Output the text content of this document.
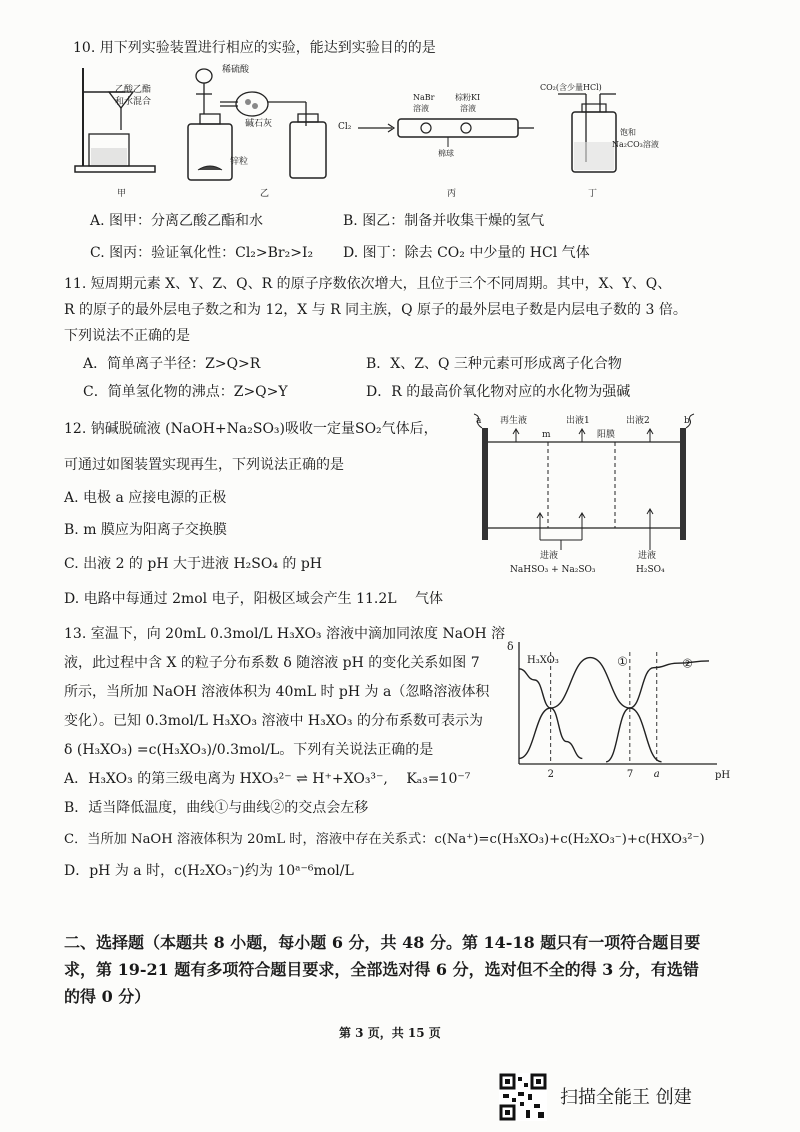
10. 用下列实验装置进行相应的实验，能达到实验目的的是
乙酸乙酯
和水混合
甲
稀硫酸
碱石灰
锌粒
乙
Cl₂
NaBr
溶液
棕粉KI
溶液
棉球
丙
CO₂(含少量HCl)
饱和
Na₂CO₃溶液
丁
A. 图甲：分离乙酸乙酯和水	B. 图乙：制备并收集干燥的氢气
C. 图丙：验证氧化性：Cl₂>Br₂>I₂ D. 图丁：除去 CO₂ 中少量的 HCl 气体
11. 短周期元素 X、Y、Z、Q、R 的原子序数依次增大，且位于三个不同周期。其中，X、Y、Q、
R 的原子的最外层电子数之和为 12，X 与 R 同主族，Q 原子的最外层电子数是内层电子数的 3 倍。
下列说法不正确的是
A．简单离子半径：Z>Q>R	B．X、Z、Q 三种元素可形成离子化合物
C．简单氢化物的沸点：Z>Q>Y	D．R 的最高价氧化物对应的水化物为强碱
12. 钠碱脱硫液 (NaOH+Na₂SO₃)吸收一定量SO₂气体后，
可通过如图装置实现再生，下列说法正确的是
A. 电极 a 应接电源的正极
B. m 膜应为阳离子交换膜
C. 出液 2 的 pH 大于进液 H₂SO₄ 的 pH
D. 电路中每通过 2mol 电子，阳极区域会产生 11.2L　 气体
a	b
再生液	出液1	出液2
m	阳膜
进液
NaHSO₃ + Na₂SO₃
进液
H₂SO₄
13. 室温下，向 20mL 0.3mol/L H₃XO₃ 溶液中滴加同浓度 NaOH 溶
液，此过程中含 X 的粒子分布系数 δ 随溶液 pH 的变化关系如图 7
所示，当所加 NaOH 溶液体积为 40mL 时 pH 为 a（忽略溶液体积
变化）。已知 0.3mol/L H₃XO₃ 溶液中 H₃XO₃ 的分布系数可表示为
δ (H₃XO₃) =c(H₃XO₃)/0.3mol/L。下列有关说法正确的是
A．H₃XO₃ 的第三级电离为 HXO₃²⁻ ⇌ H⁺+XO₃³⁻,　 Kₐ₃=10⁻⁷
B．适当降低温度，曲线①与曲线②的交点会左移
C．当所加 NaOH 溶液体积为 20mL 时，溶液中存在关系式：c(Na⁺)=c(H₃XO₃)+c(H₂XO₃⁻)+c(HXO₃²⁻)
D．pH 为 a 时，c(H₂XO₃⁻)约为 10ᵃ⁻⁶mol/L
δ
pH
2	7 a
H₃XO₃	①	②
二、选择题（本题共 8 小题，每小题 6 分，共 48 分。第 14-18 题只有一项符合题目要
求，第 19-21 题有多项符合题目要求，全部选对得 6 分，选对但不全的得 3 分，有选错
的得 0 分）
第 3 页，共 15 页
扫描全能王 创建
